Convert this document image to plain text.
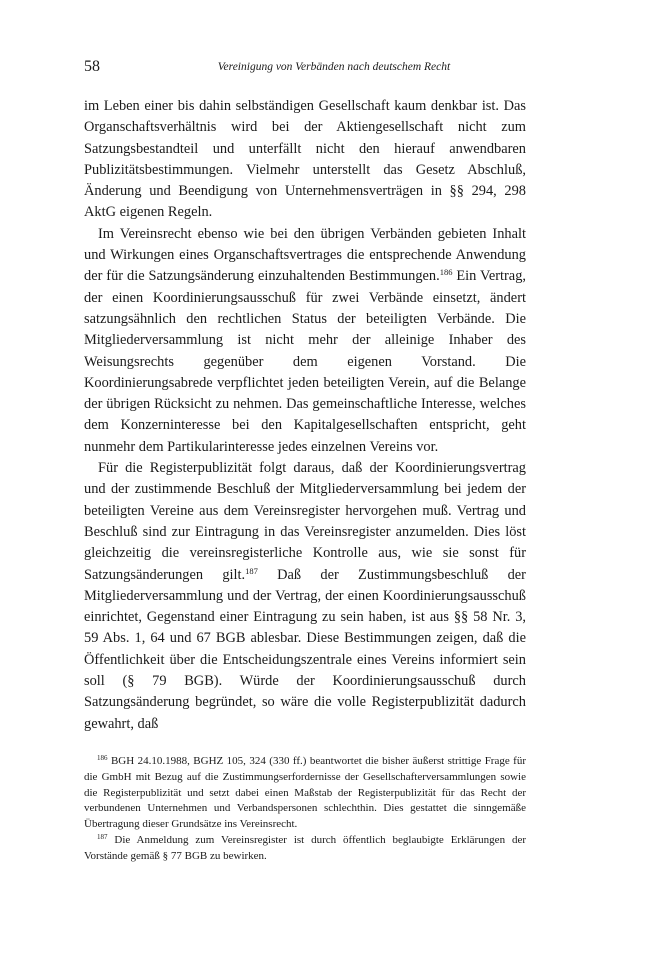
58	Vereinigung von Verbänden nach deutschem Recht

im Leben einer bis dahin selbständigen Gesellschaft kaum denkbar ist. Das Organschaftsverhältnis wird bei der Aktiengesellschaft nicht zum Satzungsbestandteil und unterfällt nicht den hierauf anwendbaren Publizitätsbestimmungen. Vielmehr unterstellt das Gesetz Abschluß, Änderung und Beendigung von Unternehmensverträgen in §§ 294, 298 AktG eigenen Regeln.

Im Vereinsrecht ebenso wie bei den übrigen Verbänden gebieten Inhalt und Wirkungen eines Organschaftsvertrages die entsprechende Anwendung der für die Satzungsänderung einzuhaltenden Bestimmungen.$^{186}$ Ein Vertrag, der einen Koordinierungsausschuß für zwei Verbände einsetzt, ändert satzungsähnlich den rechtlichen Status der beteiligten Verbände. Die Mitgliederversammlung ist nicht mehr der alleinige Inhaber des Weisungsrechts gegenüber dem eigenen Vorstand. Die Koordinierungsabrede verpflichtet jeden beteiligten Verein, auf die Belange der übrigen Rücksicht zu nehmen. Das gemeinschaftliche Interesse, welches dem Konzerninteresse bei den Kapitalgesellschaften entspricht, geht nunmehr dem Partikularinteresse jedes einzelnen Vereins vor.

Für die Registerpublizität folgt daraus, daß der Koordinierungsvertrag und der zustimmende Beschluß der Mitgliederversammlung bei jedem der beteiligten Vereine aus dem Vereinsregister hervorgehen muß. Vertrag und Beschluß sind zur Eintragung in das Vereinsregister anzumelden. Dies löst gleichzeitig die vereinsregisterliche Kontrolle aus, wie sie sonst für Satzungsänderungen gilt.$^{187}$ Daß der Zustimmungsbeschluß der Mitgliederversammlung und der Vertrag, der einen Koordinierungsausschuß einrichtet, Gegenstand einer Eintragung zu sein haben, ist aus §§ 58 Nr. 3, 59 Abs. 1, 64 und 67 BGB ablesbar. Diese Bestimmungen zeigen, daß die Öffentlichkeit über die Entscheidungszentrale eines Vereins informiert sein soll (§ 79 BGB). Würde der Koordinierungsausschuß durch Satzungsänderung begründet, so wäre die volle Registerpublizität dadurch gewahrt, daß

$^{186}$ BGH 24.10.1988, BGHZ 105, 324 (330 ff.) beantwortet die bisher äußerst strittige Frage für die GmbH mit Bezug auf die Zustimmungserfordernisse der Gesellschafterversammlungen sowie die Registerpublizität und setzt dabei einen Maßstab der Registerpublizität für das Recht der verbundenen Unternehmen und Verbandspersonen schlechthin. Dies gestattet die sinngemäße Übertragung dieser Grundsätze ins Vereinsrecht.

$^{187}$ Die Anmeldung zum Vereinsregister ist durch öffentlich beglaubigte Erklärungen der Vorstände gemäß § 77 BGB zu bewirken.
